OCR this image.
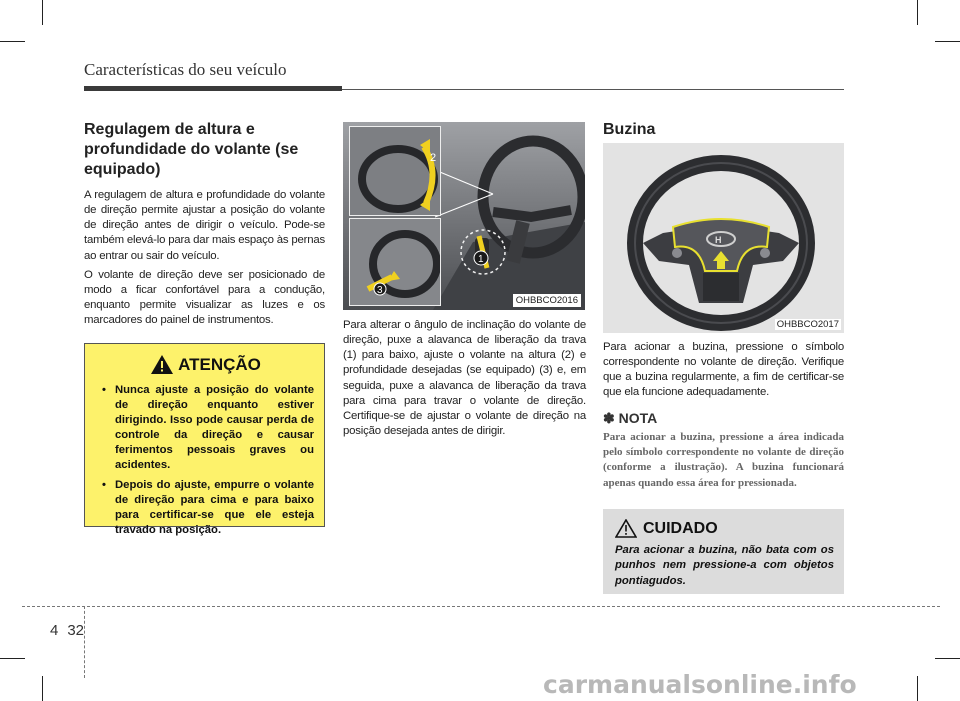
Características do seu veículo
Regulagem de altura e profundidade do volante (se equipado)

A regulagem de altura e profundidade do volante de direção permite ajustar a posição do volante de direção antes de dirigir o veículo. Pode-se também elevá-lo para dar mais espaço às pernas ao entrar ou sair do veículo.

O volante de direção deve ser posicionado de modo a ficar confortável para a condução, enquanto permite visualizar as luzes e os marcadores do painel de instrumentos.

ATENÇÃO
• Nunca ajuste a posição do volante de direção enquanto estiver dirigindo. Isso pode causar perda de controle da direção e causar ferimentos pessoais graves ou acidentes.
• Depois do ajuste, empurre o volante de direção para cima e para baixo para certificar-se que ele esteja travado na posição.
1
2
3
OHBBCO2016

Para alterar o ângulo de inclinação do volante de direção, puxe a alavanca de liberação da trava (1) para baixo, ajuste o volante na altura (2) e profundidade desejadas (se equipado) (3) e, em seguida, puxe a alavanca de liberação da trava para cima para travar o volante de direção. Certifique-se de ajustar o volante de direção na posição desejada antes de dirigir.

Buzina
H
OHBBCO2017

Para acionar a buzina, pressione o símbolo correspondente no volante de direção. Verifique que a buzina regularmente, a fim de certificar-se que ela funcione adequadamente.

✽ NOTA

Para acionar a buzina, pressione a área indicada pelo símbolo correspondente no volante de direção (conforme a ilustração). A buzina funcionará apenas quando essa área for pressionada.

CUIDADO

Para acionar a buzina, não bata com os punhos nem pressione-a com objetos pontiagudos.

4 32
carmanualsonline.info
